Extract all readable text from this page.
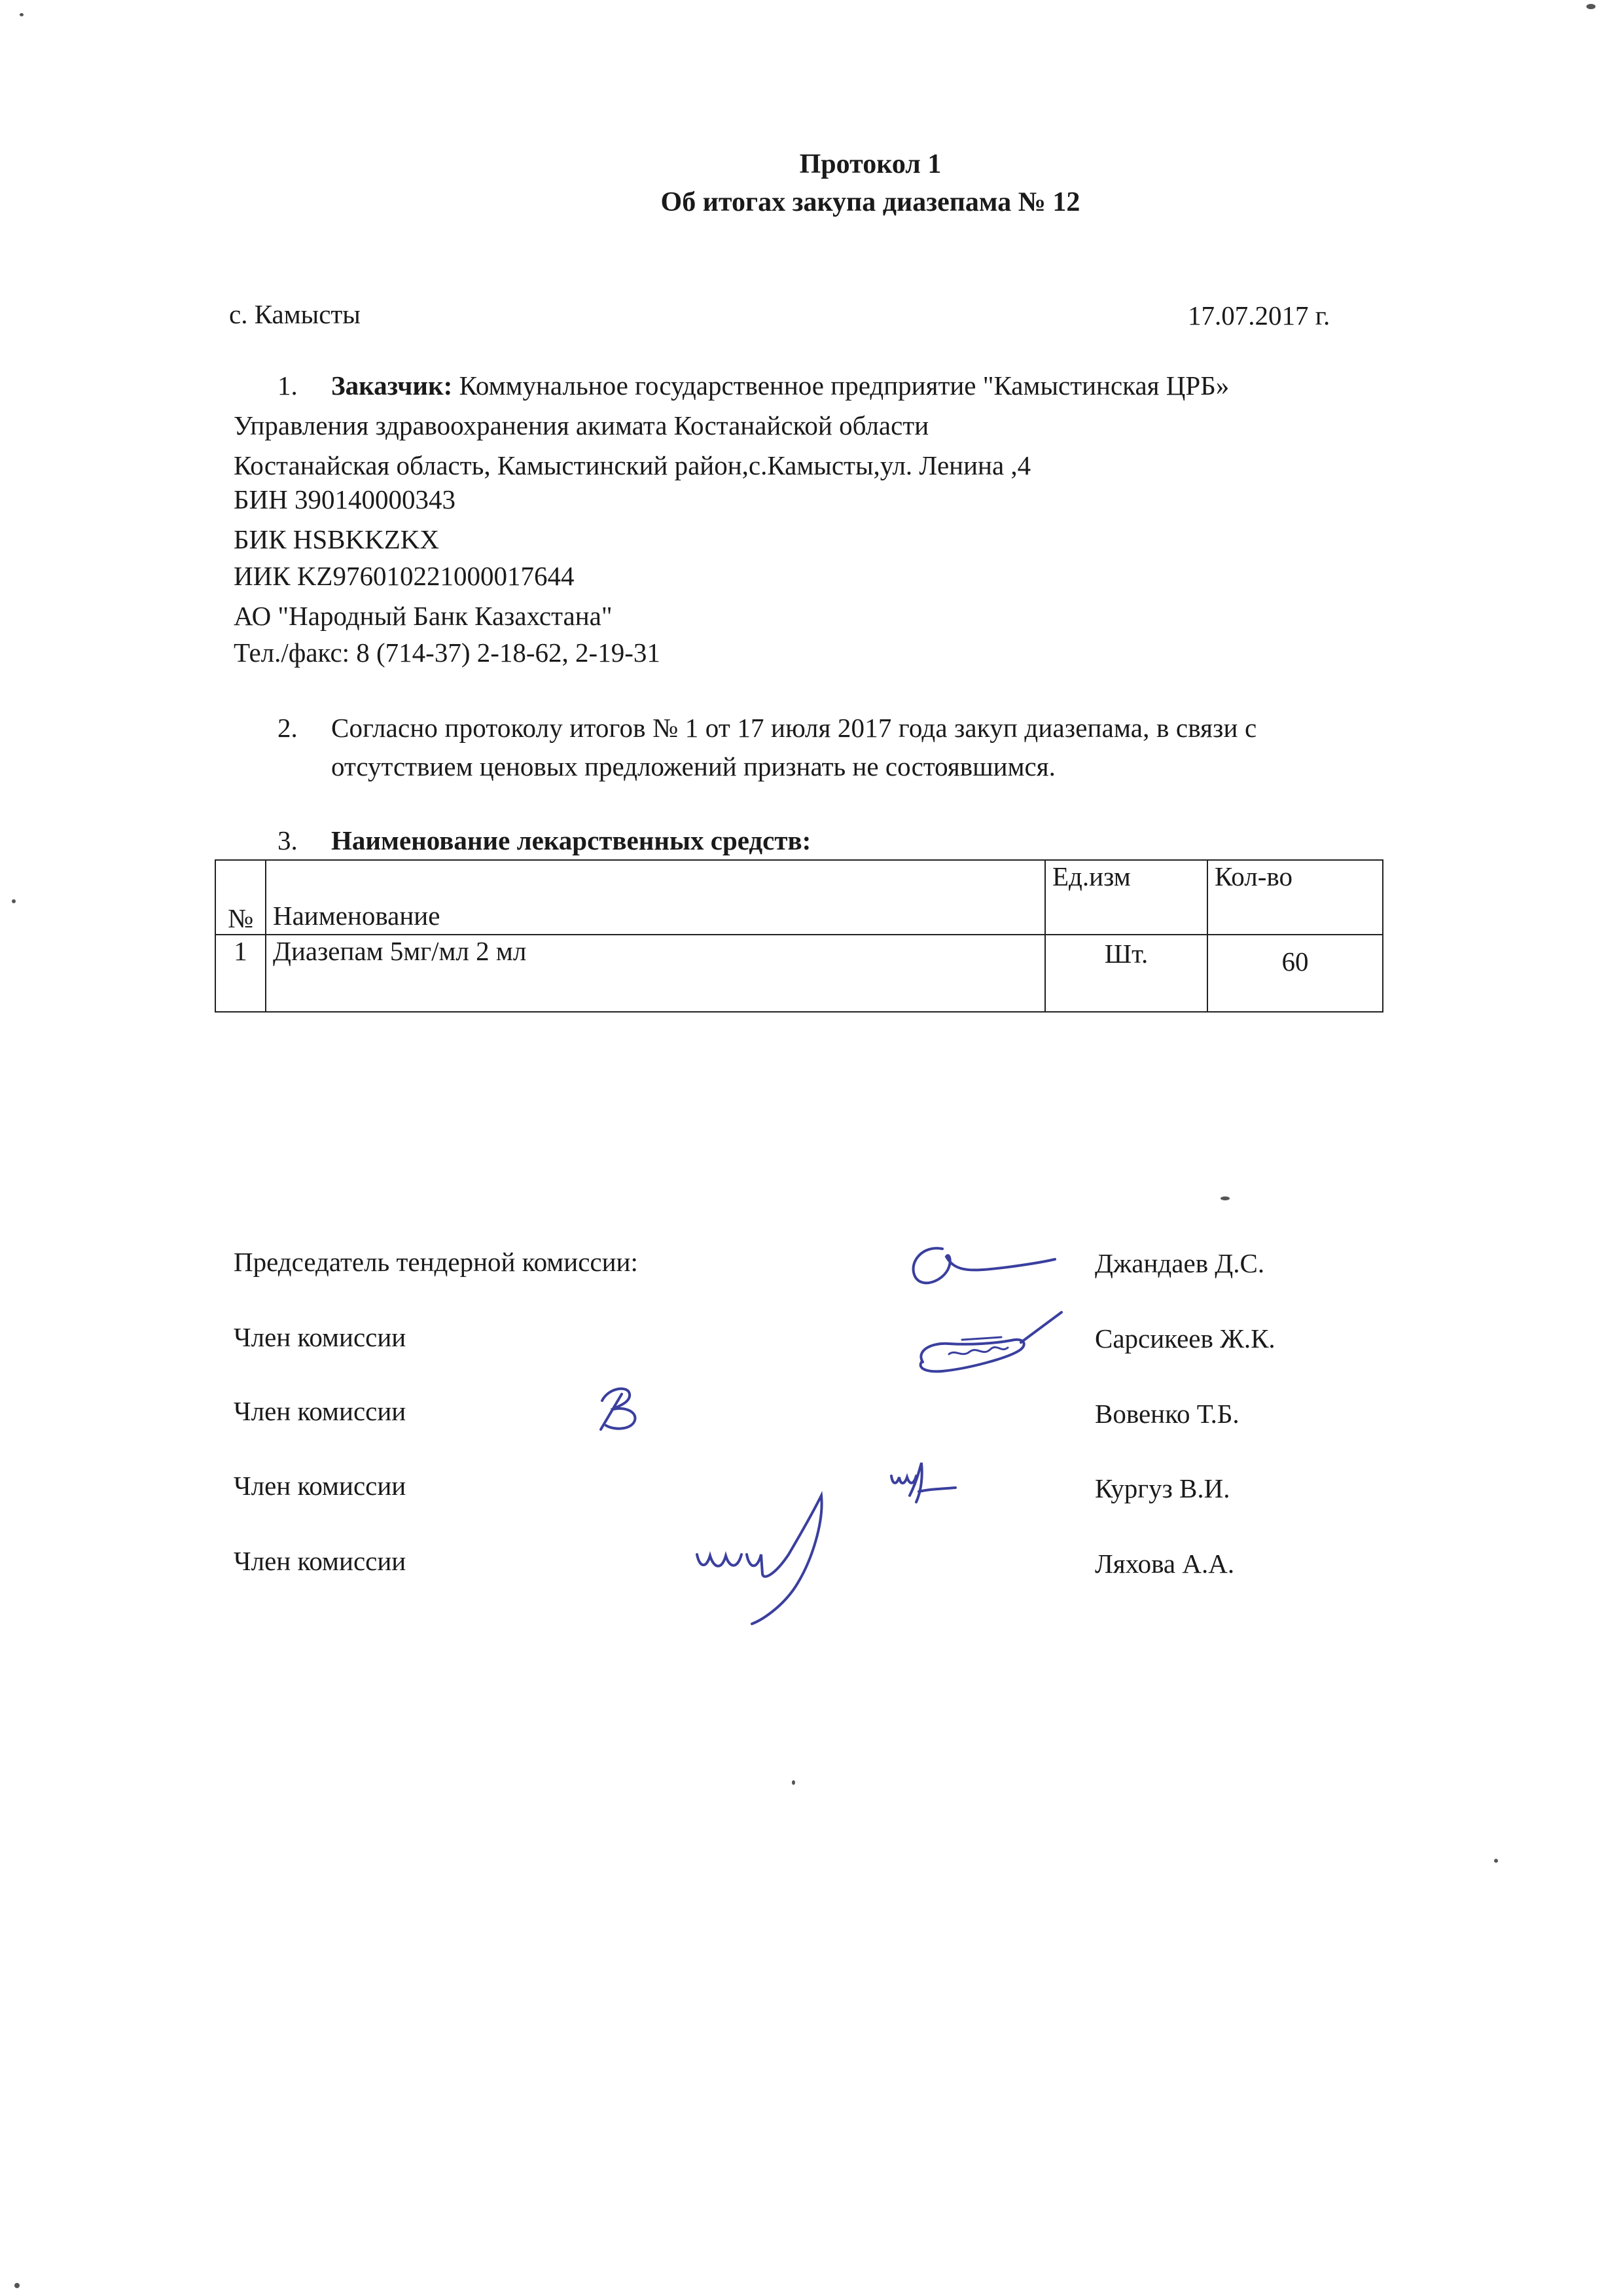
Протокол 1
Об итогах закупа диазепама № 12
с. Камысты	17.07.2017 г.
1. Заказчик: Коммунальное государственное предприятие "Камыстинская ЦРБ»
Управления здравоохранения акимата Костанайской области
Костанайская область, Камыстинский район,с.Камысты,ул. Ленина ,4
БИН 390140000343
БИК HSBKKZKX
ИИК KZ976010221000017644
АО "Народный Банк Казахстана"
Тел./факс: 8 (714-37) 2-18-62, 2-19-31
2. Согласно протоколу итогов № 1 от 17 июля 2017 года закуп диазепама, в связи с
отсутствием ценовых предложений признать не состоявшимся.
3. Наименование лекарственных средств:
№	Наименование	Ед.изм	Кол-во
1	Диазепам 5мг/мл 2 мл	Шт.	60
Председатель тендерной комиссии:	Джандаев Д.С.
Член комиссии	Сарсикеев Ж.К.
Член комиссии	Вовенко Т.Б.
Член комиссии	Кургуз В.И.
Член комиссии	Ляхова А.А.
